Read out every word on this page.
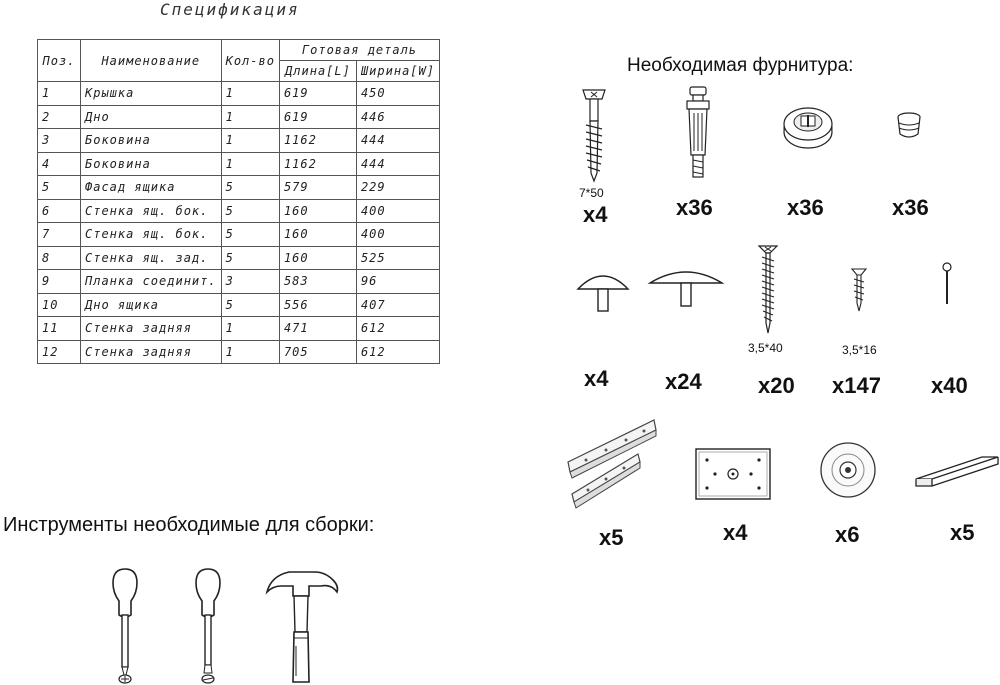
Спецификация
Поз.	Наименование	Кол-во	Готовая деталь	
			Длина[L]	Ширина[W]
1	Крышка	1	619	450
2	Дно	1	619	446
3	Боковина	1	1162	444
4	Боковина	1	1162	444
5	Фасад ящика	5	579	229
6	Стенка ящ. бок.	5	160	400
7	Стенка ящ. бок.	5	160	400
8	Стенка ящ. зад.	5	160	525
9	Планка соединит.	3	583	96
10	Дно ящика	5	556	407
11	Стенка задняя	1	471	612
12	Стенка задняя	1	705	612
Необходимая фурнитура:
7*50
x4	x36	x36	x36
x4	x24
3,5*40
x20
3,5*16
x147 x40
x5	x4	x6	x5
Инструменты необходимые для сборки:
